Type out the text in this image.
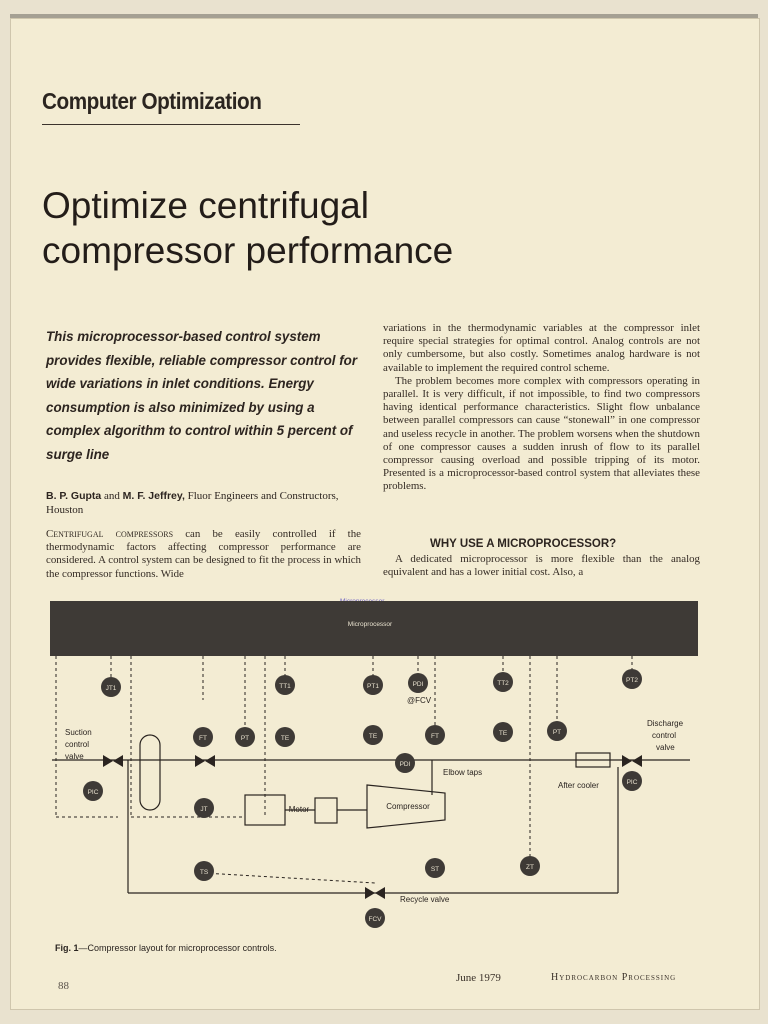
Computer Optimization
Optimize centrifugal
compressor performance
This microprocessor-based control system provides flexible, reliable compressor control for wide variations in inlet conditions. Energy consumption is also minimized by using a complex algorithm to control within 5 percent of surge line
B. P. Gupta and M. F. Jeffrey, Fluor Engineers and Constructors, Houston
Centrifugal compressors can be easily controlled if the thermodynamic factors affecting compressor performance are considered. A control system can be designed to fit the process in which the compressor functions. Wide
variations in the thermodynamic variables at the compressor inlet require special strategies for optimal control. Analog controls are not only cumbersome, but also costly. Sometimes analog hardware is not available to implement the required control scheme.
The problem becomes more complex with compressors operating in parallel. It is very difficult, if not impossible, to find two compressors having identical performance characteristics. Slight flow unbalance between parallel compressors can cause “stonewall” in one compressor and useless recycle in another. The problem worsens when the shutdown of one compressor causes a sudden inrush of flow to its parallel compressor causing overload and possible tripping of its motor. Presented is a microprocessor-based control system that alleviates these problems.
WHY USE A MICROPROCESSOR?
A dedicated microprocessor is more flexible than the analog equivalent and has a lower initial cost. Also, a
Microprocessor
Motor	Compressor
Suction
control
valve
Discharge
control
valve
@FCV
Elbow taps
After cooler
Recycle valve
JT1	TT1	PT1	PDI	TT2	PT2
FT	PT	TE	TE	FT	TE	PT
PDI
PIC
JT
PIC
TS	ST	ZT
FCV
Fig. 1—Compressor layout for microprocessor controls.
88
June 1979	Hydrocarbon Processing
